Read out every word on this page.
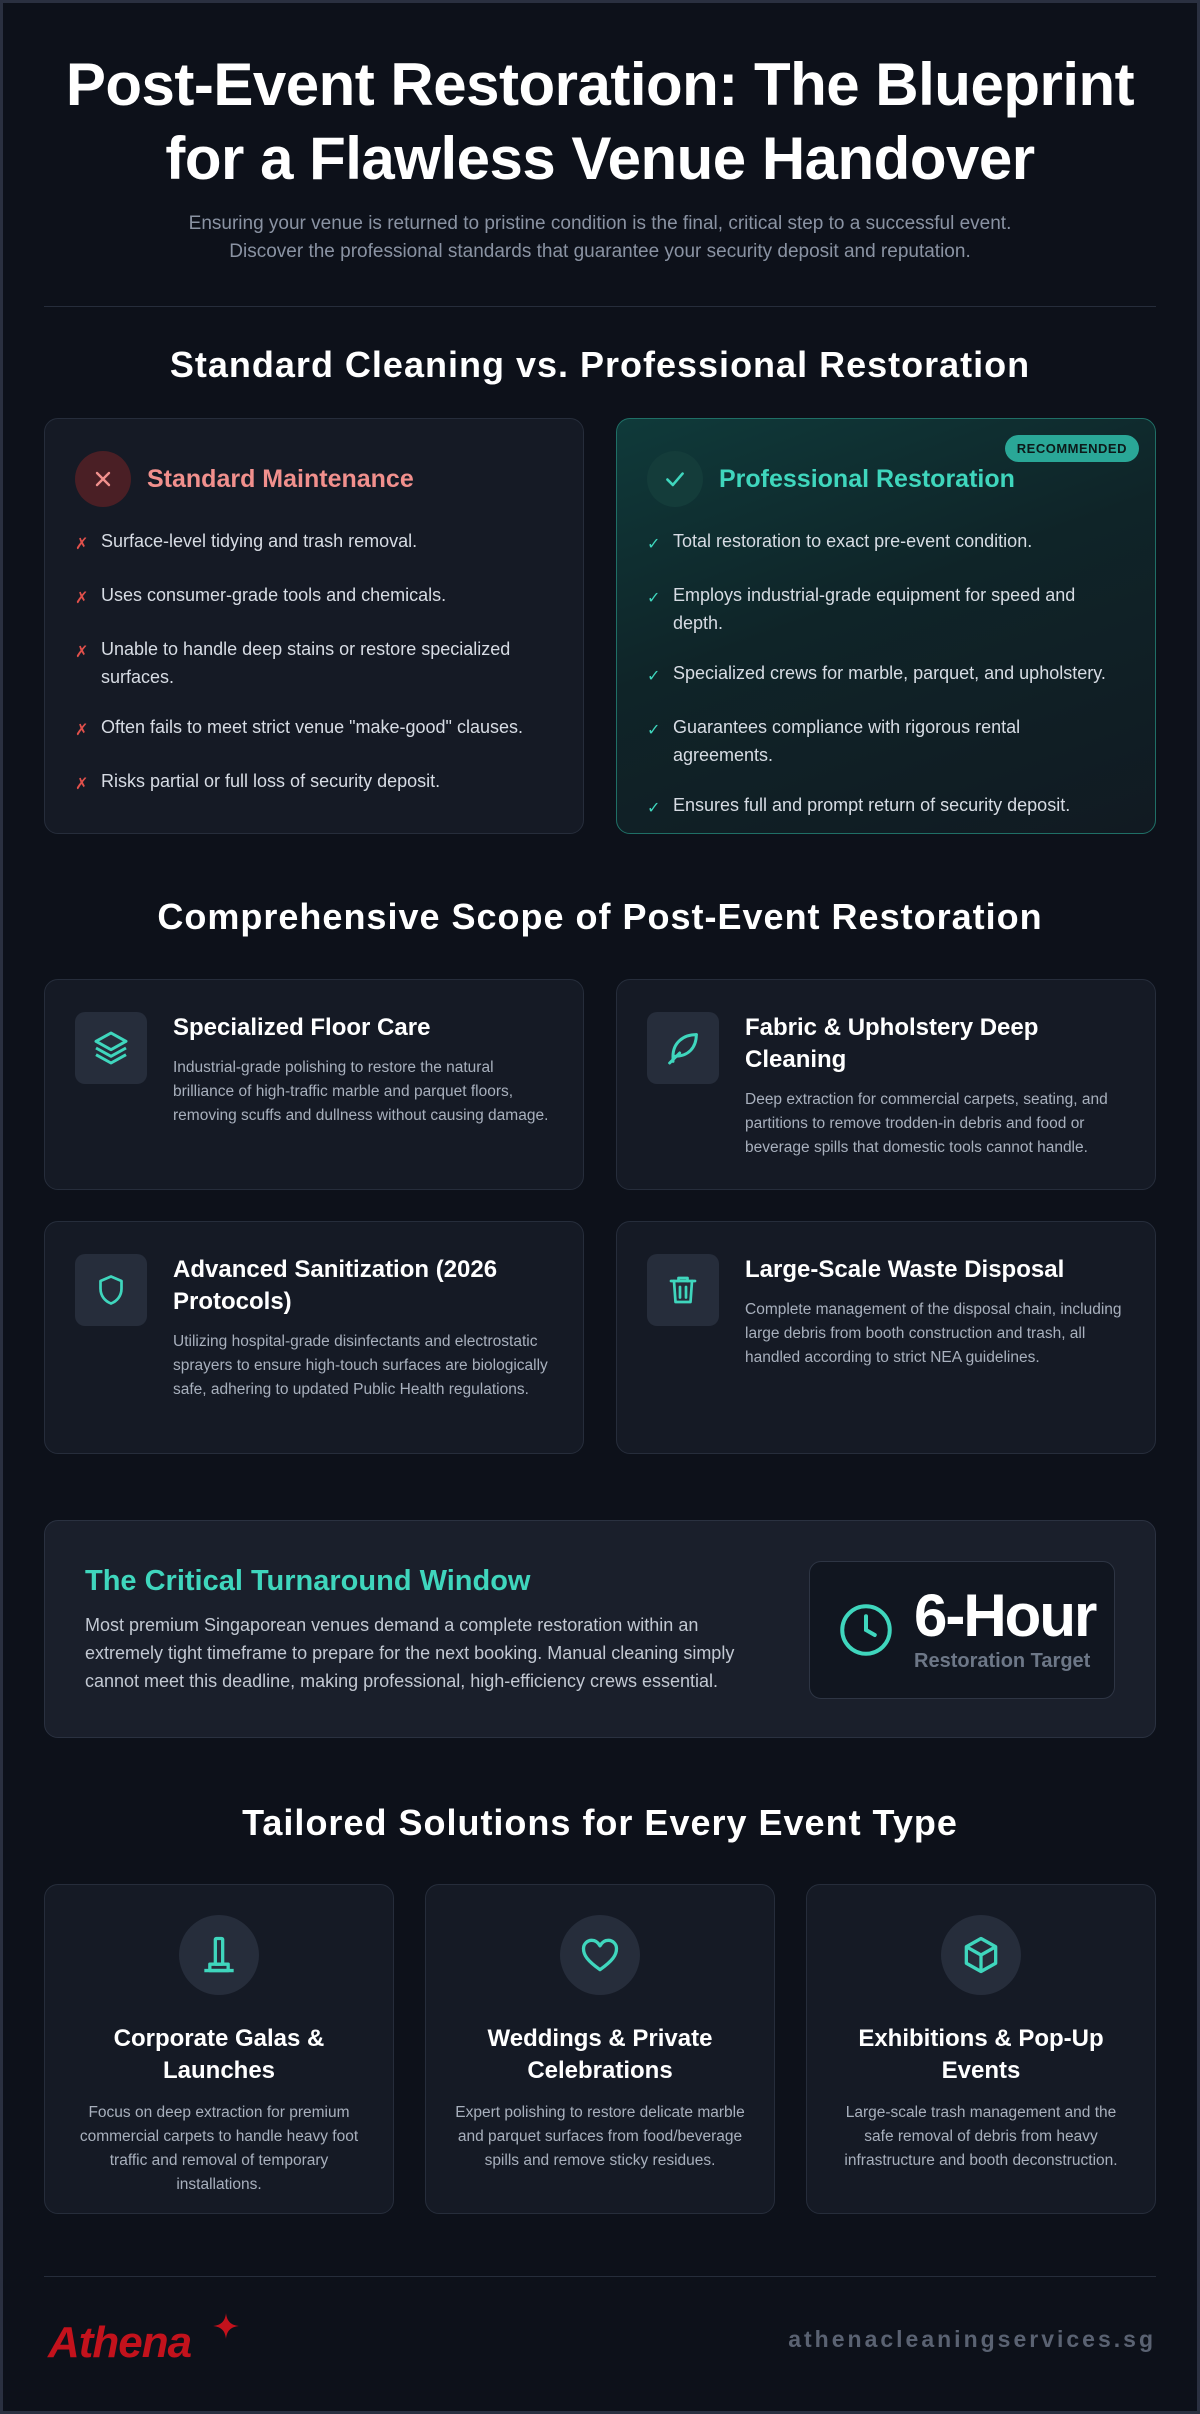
Post-Event Restoration: The Blueprint
for a Flawless Venue Handover

Ensuring your venue is returned to pristine condition is the final, critical step to a successful event.
Discover the professional standards that guarantee your security deposit and reputation.

Standard Cleaning vs. Professional Restoration
Standard Maintenance
✗ Surface-level tidying and trash removal.
✗ Uses consumer-grade tools and chemicals.
✗ Unable to handle deep stains or restore specialized surfaces.
✗ Often fails to meet strict venue "make-good" clauses.
✗ Risks partial or full loss of security deposit.
RECOMMENDED
Professional Restoration
✓ Total restoration to exact pre-event condition.
✓ Employs industrial-grade equipment for speed and depth.
✓ Specialized crews for marble, parquet, and upholstery.
✓ Guarantees compliance with rigorous rental agreements.
✓ Ensures full and prompt return of security deposit.
Comprehensive Scope of Post-Event Restoration
Specialized Floor Care
Industrial-grade polishing to restore the natural brilliance of high-traffic marble and parquet floors, removing scuffs and dullness without causing damage.
Fabric & Upholstery Deep Cleaning
Deep extraction for commercial carpets, seating, and partitions to remove trodden-in debris and food or beverage spills that domestic tools cannot handle.
Large-Scale Waste Disposal
Complete management of the disposal chain, including large debris from booth construction and trash, all handled according to strict NEA guidelines.
Advanced Sanitization (2026 Protocols)
Utilizing hospital-grade disinfectants and electrostatic sprayers to ensure high-touch surfaces are biologically safe, adhering to updated Public Health regulations.
The Critical Turnaround Window
Most premium Singaporean venues demand a complete restoration within an extremely tight timeframe to prepare for the next booking. Manual cleaning simply cannot meet this deadline, making professional, high-efficiency crews essential.
6-Hour
Restoration Target
Tailored Solutions for Every Event Type
Corporate Galas & Launches
Focus on deep extraction for premium commercial carpets to handle heavy foot traffic and removal of temporary installations.
Weddings & Private Celebrations
Expert polishing to restore delicate marble and parquet surfaces from food/beverage spills and remove sticky residues.
Exhibitions & Pop-Up Events
Large-scale trash management and the safe removal of debris from heavy infrastructure and booth deconstruction.
Athena	athenacleaningservices.sg
